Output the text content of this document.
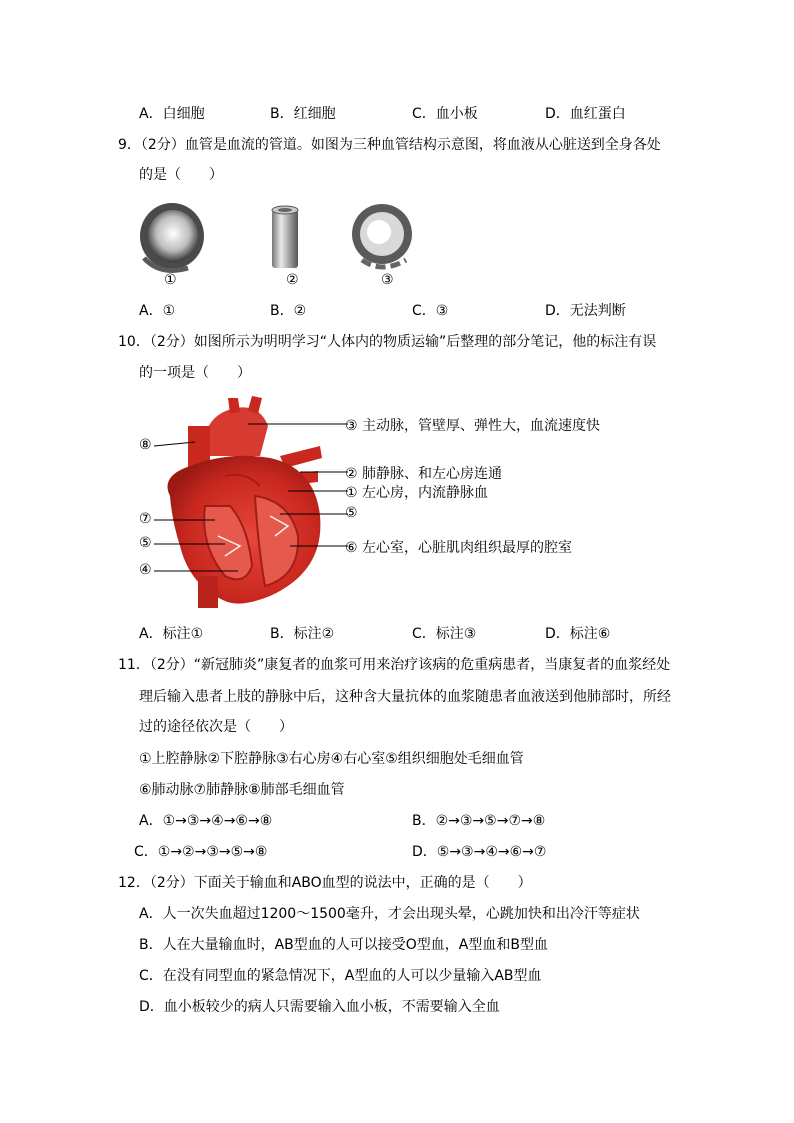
A．白细胞	B．红细胞	C．血小板	D．血红蛋白
9．（2分）血管是血流的管道。如图为三种血管结构示意图，将血液从心脏送到全身各处
的是（　　）
①	②	③
A．①	B．②	C．③	D．无法判断
10．（2分）如图所示为明明学习“人体内的物质运输”后整理的部分笔记，他的标注有误
的一项是（　　）
③ 主动脉，管壁厚、弹性大，血流速度快
② 肺静脉、和左心房连通
① 左心房，内流静脉血
⑤
⑥ 左心室，心脏肌肉组织最厚的腔室
⑧
⑦
⑤
④
A．标注①	B．标注②	C．标注③	D．标注⑥
11．（2分）“新冠肺炎”康复者的血浆可用来治疗该病的危重病患者，当康复者的血浆经处
理后输入患者上肢的静脉中后，这种含大量抗体的血浆随患者血液送到他肺部时，所经
过的途径依次是（　　）
①上腔静脉②下腔静脉③右心房④右心室⑤组织细胞处毛细血管
⑥肺动脉⑦肺静脉⑧肺部毛细血管
A．①→③→④→⑥→⑧	B．②→③→⑤→⑦→⑧
C．①→②→③→⑤→⑧	D．⑤→③→④→⑥→⑦
12．（2分）下面关于输血和ABO血型的说法中，正确的是（　　）
A．人一次失血超过1200～1500毫升，才会出现头晕，心跳加快和出冷汗等症状
B．人在大量输血时，AB型血的人可以接受O型血，A型血和B型血
C．在没有同型血的紧急情况下，A型血的人可以少量输入AB型血
D．血小板较少的病人只需要输入血小板，不需要输入全血
